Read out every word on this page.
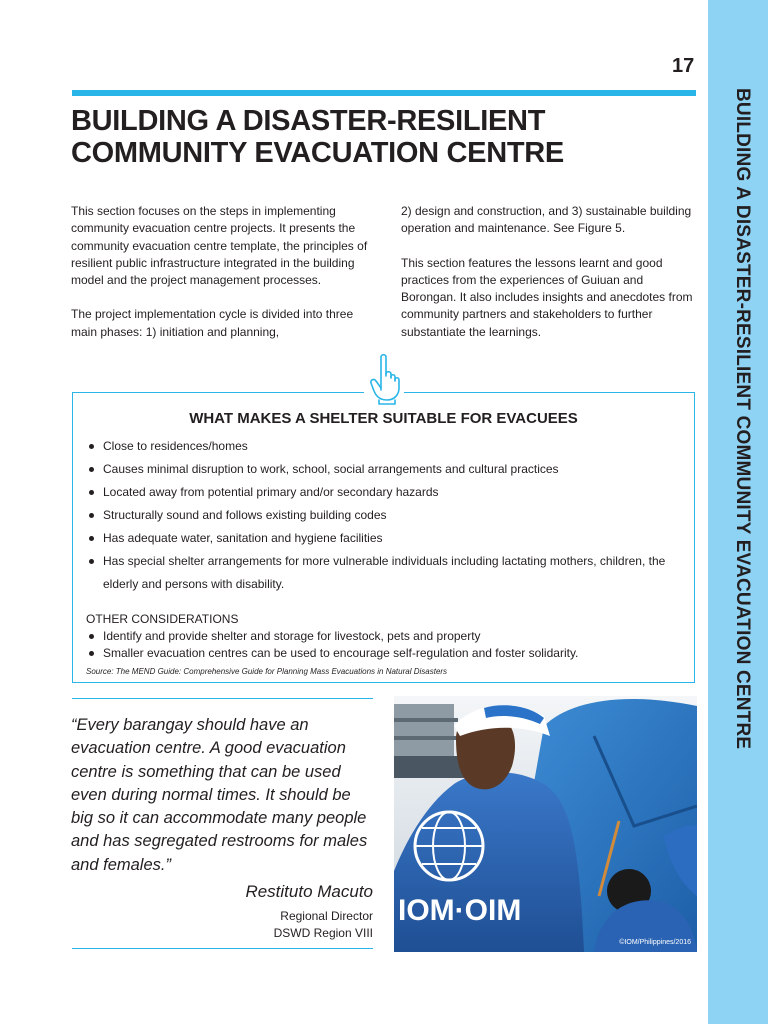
BUILDING A DISASTER-RESILIENT COMMUNITY EVACUATION CENTRE
17
BUILDING A DISASTER-RESILIENT
COMMUNITY EVACUATION CENTRE

This section focuses on the steps in implementing community evacuation centre projects. It presents the community evacuation centre template, the principles of resilient public infrastructure integrated in the building model and the project management processes.

The project implementation cycle is divided into three main phases: 1) initiation and planning,

2) design and construction, and 3) sustainable building operation and maintenance. See Figure 5.

This section features the lessons learnt and good practices from the experiences of Guiuan and Borongan. It also includes insights and anecdotes from community partners and stakeholders to further substantiate the learnings.

WHAT MAKES A SHELTER SUITABLE FOR EVACUEES
Close to residences/homes
Causes minimal disruption to work, school, social arrangements and cultural practices
Located away from potential primary and/or secondary hazards
Structurally sound and follows existing building codes
Has adequate water, sanitation and hygiene facilities
Has special shelter arrangements for more vulnerable individuals including lactating mothers, children, the elderly and persons with disability.
OTHER CONSIDERATIONS
Identify and provide shelter and storage for livestock, pets and property
Smaller evacuation centres can be used to encourage self-regulation and foster solidarity.
Source: The MEND Guide: Comprehensive Guide for Planning Mass Evacuations in Natural Disasters

“Every barangay should have an evacuation centre. A good evacuation centre is something that can be used even during normal times. It should be big so it can accommodate many people and has segregated restrooms for males and females.”

Restituto Macuto
Regional Director
DSWD Region VIII
IOM·OIM
©IOM/Philippines/2016
